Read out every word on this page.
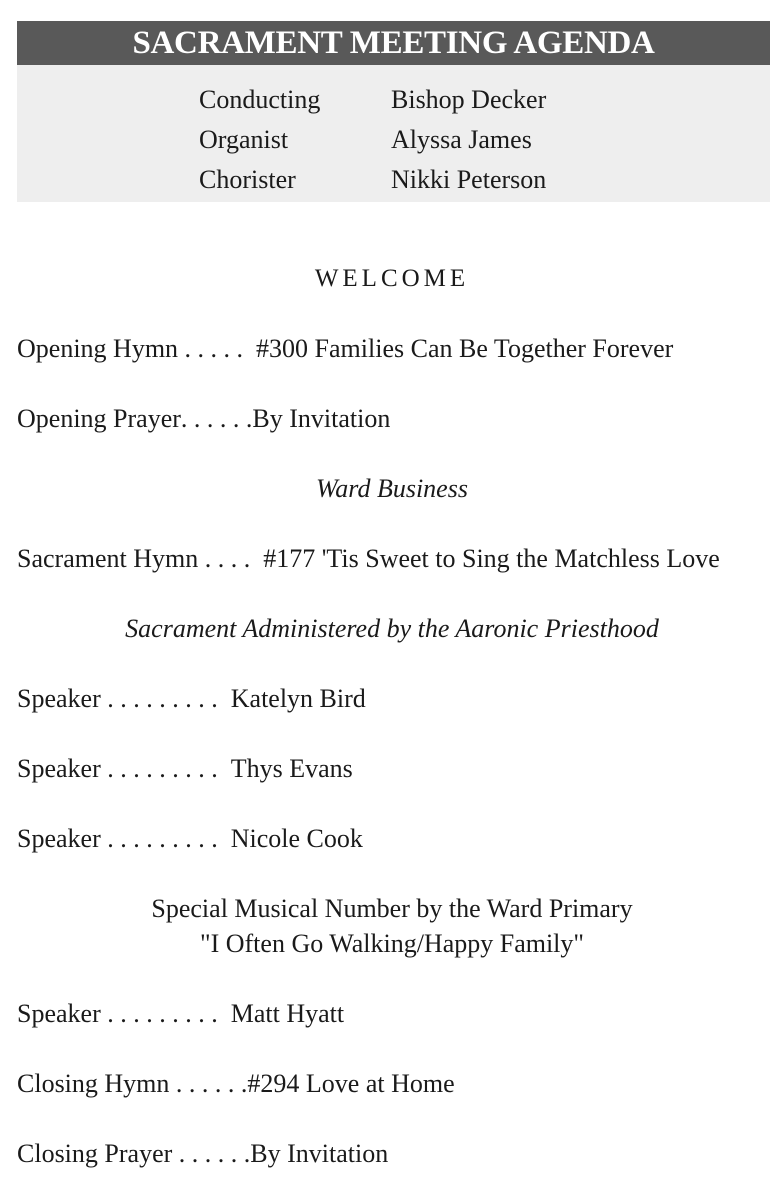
SACRAMENT MEETING AGENDA
Conducting	Bishop Decker
Organist	Alyssa James
Chorister	Nikki Peterson
WELCOME
Opening Hymn . . . . .  #300 Families Can Be Together Forever
Opening Prayer. . . . . .By Invitation
Ward Business
Sacrament Hymn . . . .  #177 'Tis Sweet to Sing the Matchless Love
Sacrament Administered by the Aaronic Priesthood
Speaker . . . . . . . . .  Katelyn Bird
Speaker . . . . . . . . .  Thys Evans
Speaker . . . . . . . . .  Nicole Cook
Special Musical Number by the Ward Primary
"I Often Go Walking/Happy Family"
Speaker . . . . . . . . .  Matt Hyatt
Closing Hymn . . . . . .#294 Love at Home
Closing Prayer . . . . . .By Invitation
